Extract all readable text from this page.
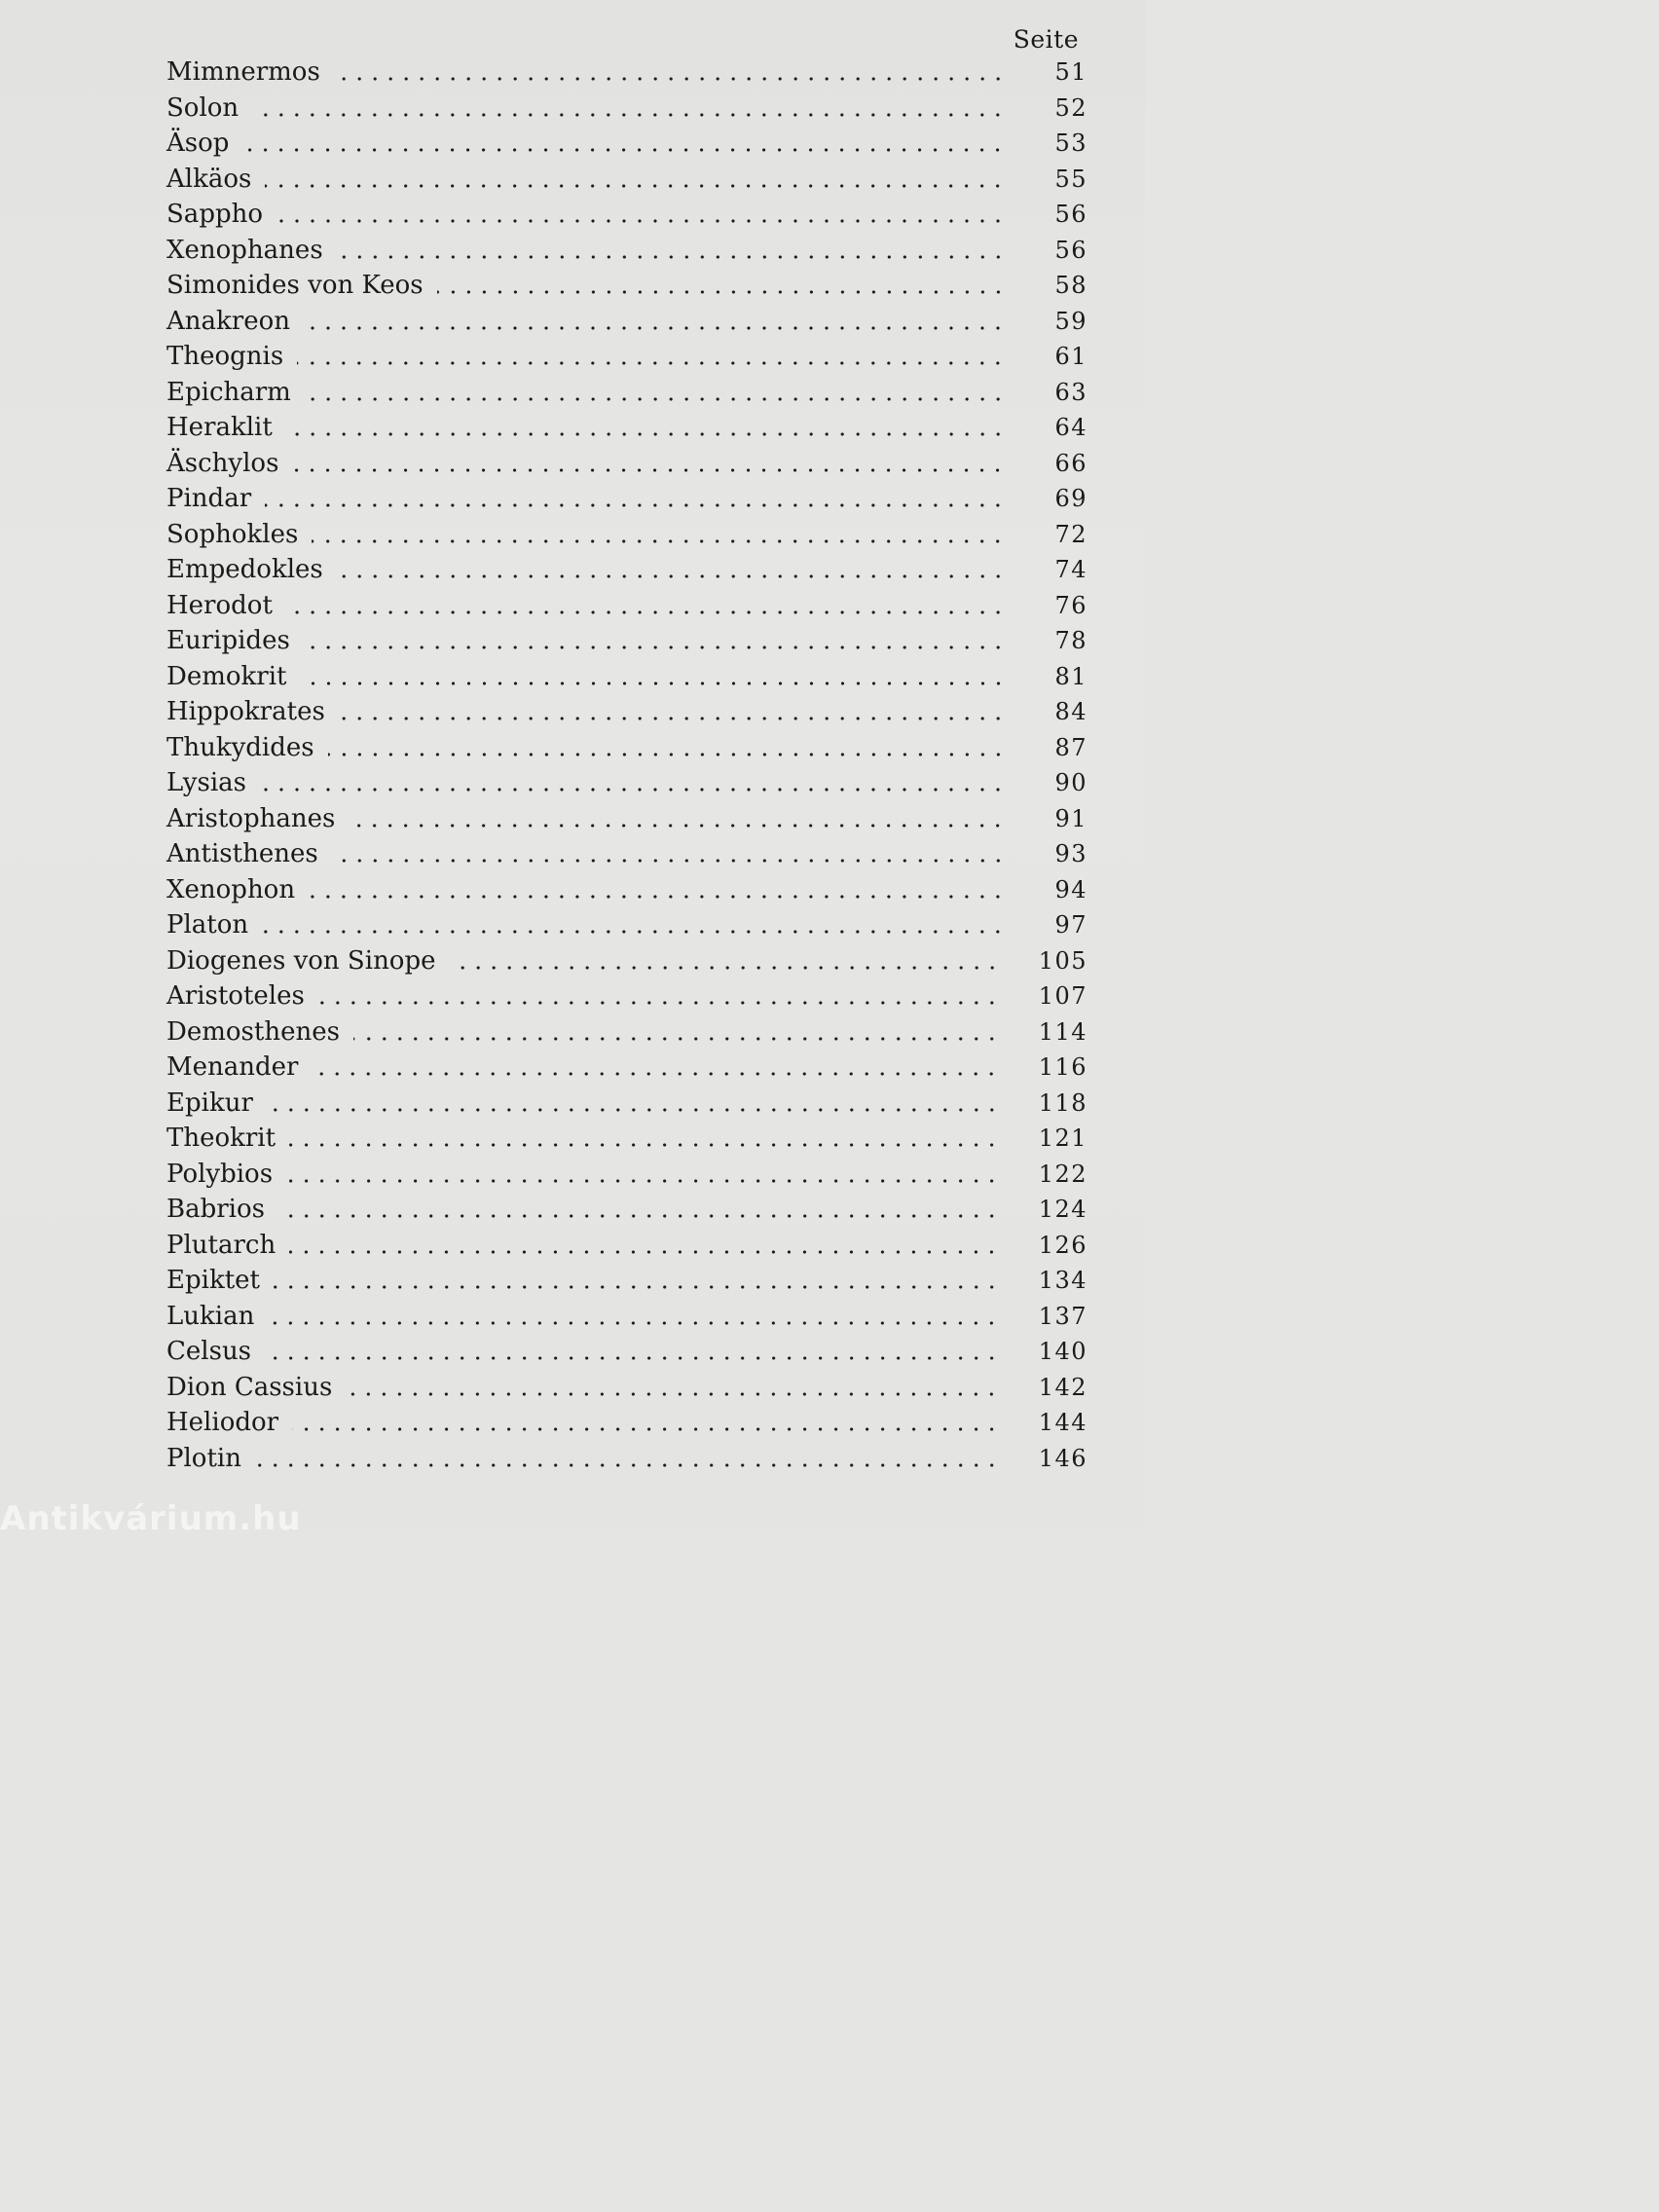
Seite
Mimnermos	51
Solon	52
Äsop	53
Alkäos	55
Sappho	56
Xenophanes	56
Simonides von Keos	58
Anakreon	59
Theognis	61
Epicharm	63
Heraklit	64
Äschylos	66
Pindar	69
Sophokles	72
Empedokles	74
Herodot	76
Euripides	78
Demokrit	81
Hippokrates	84
Thukydides	87
Lysias	90
Aristophanes	91
Antisthenes	93
Xenophon	94
Platon	97
Diogenes von Sinope	105
Aristoteles	107
Demosthenes	114
Menander	116
Epikur	118
Theokrit	121
Polybios	122
Babrios	124
Plutarch	126
Epiktet	134
Lukian	137
Celsus	140
Dion Cassius	142
Heliodor	144
Plotin	146
Antikvárium.hu
